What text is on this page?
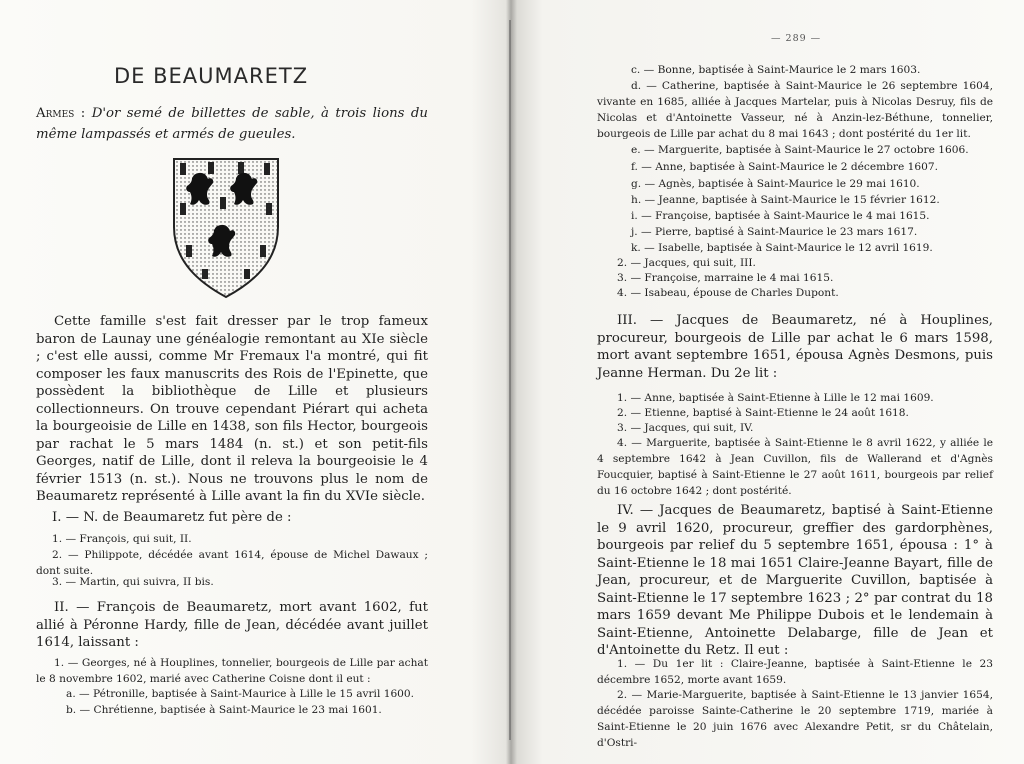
DE BEAUMARETZ
Armes : D'or semé de billettes de sable, à trois lions du même lampassés et armés de gueules.
Cette famille s'est fait dresser par le trop fameux baron de Launay une généalogie remontant au XIe siècle ; c'est elle aussi, comme Mr Fremaux l'a montré, qui fit composer les faux manuscrits des Rois de l'Epinette, que possèdent la bibliothèque de Lille et plusieurs collectionneurs. On trouve cependant Piérart qui acheta la bourgeoisie de Lille en 1438, son fils Hector, bourgeois par rachat le 5 mars 1484 (n. st.) et son petit-fils Georges, natif de Lille, dont il releva la bourgeoisie le 4 février 1513 (n. st.). Nous ne trouvons plus le nom de Beaumaretz représenté à Lille avant la fin du XVIe siècle.
I. — N. de Beaumaretz fut père de :
1. — François, qui suit, II.
2. — Philippote, décédée avant 1614, épouse de Michel Dawaux ; dont suite.
3. — Martin, qui suivra, II bis.
II. — François de Beaumaretz, mort avant 1602, fut allié à Péronne Hardy, fille de Jean, décédée avant juillet 1614, laissant :
1. — Georges, né à Houplines, tonnelier, bourgeois de Lille par achat le 8 novembre 1602, marié avec Catherine Coisne dont il eut :
a. — Pétronille, baptisée à Saint-Maurice à Lille le 15 avril 1600.
b. — Chrétienne, baptisée à Saint-Maurice le 23 mai 1601.
— 289 —
c. — Bonne, baptisée à Saint-Maurice le 2 mars 1603.
d. — Catherine, baptisée à Saint-Maurice le 26 septembre 1604, vivante en 1685, alliée à Jacques Martelar, puis à Nicolas Desruy, fils de Nicolas et d'Antoinette Vasseur, né à Anzin-lez-Béthune, tonnelier, bourgeois de Lille par achat du 8 mai 1643 ; dont postérité du 1er lit.
e. — Marguerite, baptisée à Saint-Maurice le 27 octobre 1606.
f. — Anne, baptisée à Saint-Maurice le 2 décembre 1607.
g. — Agnès, baptisée à Saint-Maurice le 29 mai 1610.
h. — Jeanne, baptisée à Saint-Maurice le 15 février 1612.
i. — Françoise, baptisée à Saint-Maurice le 4 mai 1615.
j. — Pierre, baptisé à Saint-Maurice le 23 mars 1617.
k. — Isabelle, baptisée à Saint-Maurice le 12 avril 1619.
2. — Jacques, qui suit, III.
3. — Françoise, marraine le 4 mai 1615.
4. — Isabeau, épouse de Charles Dupont.
III. — Jacques de Beaumaretz, né à Houplines, procureur, bourgeois de Lille par achat le 6 mars 1598, mort avant septembre 1651, épousa Agnès Desmons, puis Jeanne Herman. Du 2e lit :
1. — Anne, baptisée à Saint-Etienne à Lille le 12 mai 1609.
2. — Etienne, baptisé à Saint-Etienne le 24 août 1618.
3. — Jacques, qui suit, IV.
4. — Marguerite, baptisée à Saint-Etienne le 8 avril 1622, y alliée le 4 septembre 1642 à Jean Cuvillon, fils de Wallerand et d'Agnès Foucquier, baptisé à Saint-Etienne le 27 août 1611, bourgeois par relief du 16 octobre 1642 ; dont postérité.
IV. — Jacques de Beaumaretz, baptisé à Saint-Etienne le 9 avril 1620, procureur, greffier des gardorphènes, bourgeois par relief du 5 septembre 1651, épousa : 1° à Saint-Etienne le 18 mai 1651 Claire-Jeanne Bayart, fille de Jean, procureur, et de Marguerite Cuvillon, baptisée à Saint-Etienne le 17 septembre 1623 ; 2° par contrat du 18 mars 1659 devant Me Philippe Dubois et le lendemain à Saint-Etienne, Antoinette Delabarge, fille de Jean et d'Antoinette du Retz. Il eut :
1. — Du 1er lit : Claire-Jeanne, baptisée à Saint-Etienne le 23 décembre 1652, morte avant 1659.
2. — Marie-Marguerite, baptisée à Saint-Etienne le 13 janvier 1654, décédée paroisse Sainte-Catherine le 20 septembre 1719, mariée à Saint-Etienne le 20 juin 1676 avec Alexandre Petit, sr du Châtelain, d'Ostri-
